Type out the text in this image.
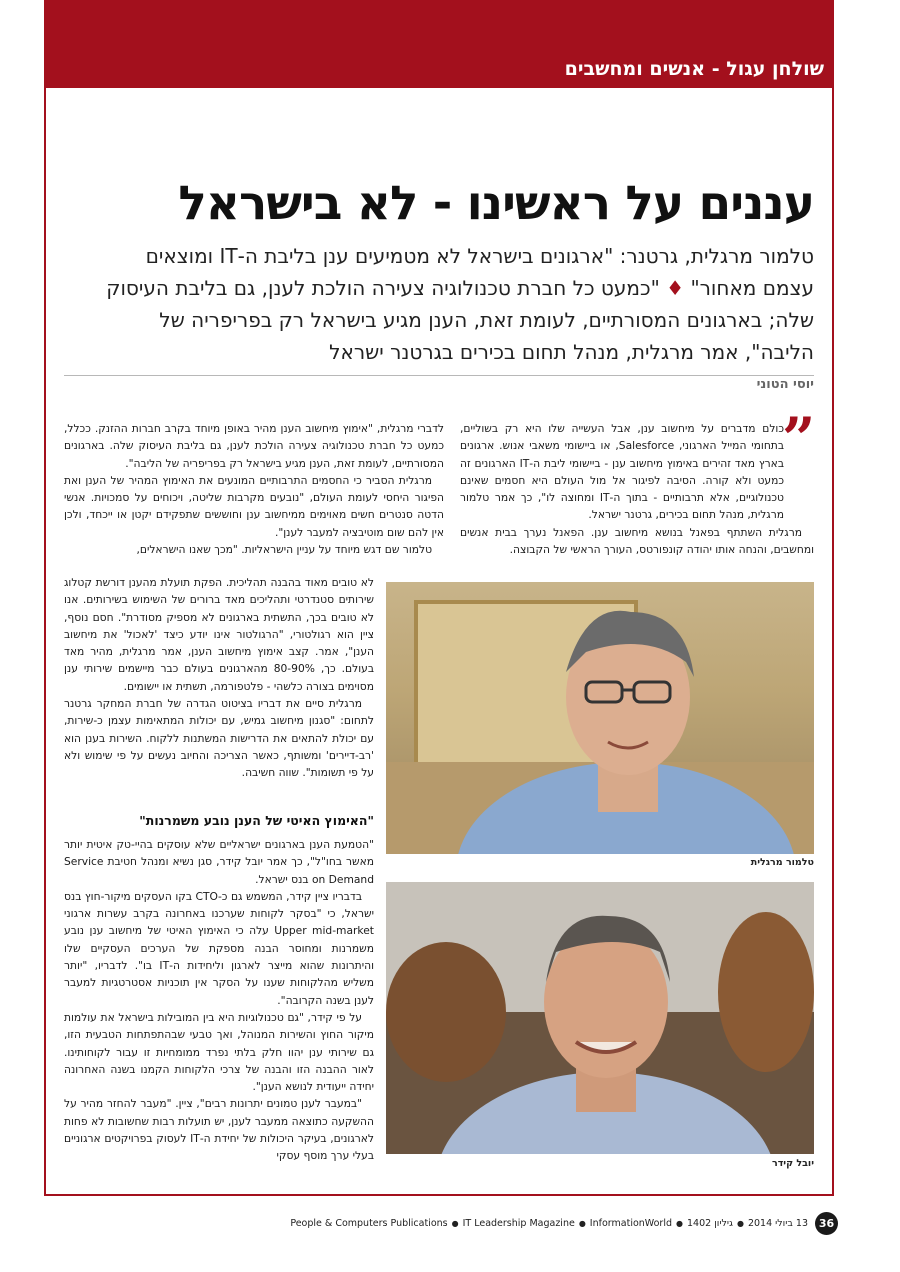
שולחן עגול - אנשים ומחשבים
עננים על ראשינו - לא בישראל
טלמור מרגלית, גרטנר: "ארגונים בישראל לא מטמיעים ענן בליבת ה-IT ומוצאים עצמם מאחור" ♦ "כמעט כל חברת טכנולוגיה צעירה הולכת לענן, גם בליבת העיסוק שלה; בארגונים המסורתיים, לעומת זאת, הענן מגיע בישראל רק בפריפריה של הליבה", אמר מרגלית, מנהל תחום בכירים בגרטנר ישראל
יוסי הטוני
”

כולם מדברים על מיחשוב ענן, אבל העשייה שלו היא רק בשוליים, בתחומי המייל הארגוני, Salesforce, או ביישומי משאבי אנוש. ארגונים בארץ מאד זהירים באימוץ מיחשוב ענן - ביישומי ליבת ה-IT הארגונים זה כמעט ולא קורה. הסיבה לפיגור אל מול העולם היא חסמים שאינם טכנולוגיים, אלא תרבותיים - בתוך ה-IT ומחוצה לו", כך אמר טלמור מרגלית, מנהל תחום בכירים, גרטנר ישראל.

מרגלית השתתף בפאנל בנושא מיחשוב ענן. הפאנל נערך בבית אנשים ומחשבים, והנחה אותו יהודה קונפורטס, העורך הראשי של הקבוצה.

לדברי מרגלית, "אימוץ מיחשוב הענן מהיר באופן מיוחד בקרב חברות ההזנק. ככלל, כמעט כל חברת טכנולוגיה צעירה הולכת לענן, גם בליבת העיסוק שלה. בארגונים המסורתיים, לעומת זאת, הענן מגיע בישראל רק בפריפריה של הליבה".

מרגלית הסביר כי החסמים התרבותיים המונעים את האימוץ המהיר של הענן ואת הפיגור היחסי לעומת העולם, "נובעים מקרבות שליטה, ויכוחים על סמכויות. אנשי הדטה סנטרים חשים מאוימים ממיחשוב ענן וחוששים שתפקידם יקטן או ייכחד, ולכן אין להם שום מוטיבציה למעבר לענן".

טלמור שם דגש מיוחד על עניין הישראליות. "מכך שאנו הישראלים,

טלמור מרגלית

לא טובים מאוד בהבנה תהליכית. הפקת תועלת מהענן דורשת קטלוג שירותים סטנדרטי ותהליכים מאד ברורים של השימוש בשירותים. אנו לא טובים בכך, התשתית בארגונים לא מספיק מסודרת". חסם נוסף, ציין הוא רגולטורי, "הרגולטור אינו יודע כיצד 'לאכול' את מיחשוב הענן", אמר. קצב אימוץ מיחשוב הענן, אמר מרגלית, מהיר מאד בעולם. כך, 80-90% מהארגונים בעולם כבר מיישמים שירותי ענן מסוימים בצורה כלשהי - פלטפורמה, תשתית או יישומים.

מרגלית סיים את דבריו בציטוט הגדרה של חברת המחקר גרטנר לתחום: "סגנון מיחשוב גמיש, עם יכולות המתאימות עצמן כ-שירות, עם יכולת להתאים את הדרישות המשתנות ללקוח. השירות בענן הוא 'רב-דיירים' ומשותף, כאשר הצריכה והחיוב נעשים על פי שימוש ולא על פי תשומות". שווה חשיבה.

"האימוץ האיטי של הענן נובע משמרנות"

"הטמעת הענן בארגונים ישראליים שלא עוסקים בהיי-טק איטית יותר מאשר בחו"ל", כך אמר יובל קידר, סגן נשיא ומנהל חטיבת Service on Demand בנס ישראל.

בדבריו ציין קידר, המשמש גם כ-CTO בקו העסקים מיקור-חוץ בנס ישראל, כי "בסקר לקוחות שערכנו באחרונה בקרב עשרות ארגוני Upper mid-market עלה כי האימוץ האיטי של מיחשוב ענן נובע משמרנות ומחוסר הבנה מספקת של הערכים העסקיים שלו והיתרונות שהוא מייצר לארגון וליחידות ה-IT בו". לדבריו, "יותר משליש מהלקוחות שענו על הסקר אין תוכניות אסטרטגיות למעבר לענן בשנה הקרובה".

על פי קידר, "גם טכנולוגיות היא בין המובילות בישראל את עולמות מיקור החוץ והשירות המנוהל, ואך טבעי שבהתפתחות הטבעית הזו, גם שירותי ענן יהוו חלק בלתי נפרד ממומחיות זו עבור לקוחותינו. לאור ההבנה הזו והבנה של צרכי הלקוחות הקמנו בשנה האחרונה יחידה ייעודית לנושא הענן".

"במעבר לענן טמונים יתרונות רבים", ציין. "מעבר להחזר מהיר על ההשקעה כתוצאה ממעבר לענן, יש תועלות רבות שחשובות לא פחות לארגונים, בעיקר היכולות של יחידת ה-IT לעסוק בפרויקטים ארגוניים בעלי ערך מוסף עסקי

יובל קידר
People & Computers Publications ● IT Leadership Magazine ● InformationWorld ●	13 ביולי 2014●גיליון 1402	36
